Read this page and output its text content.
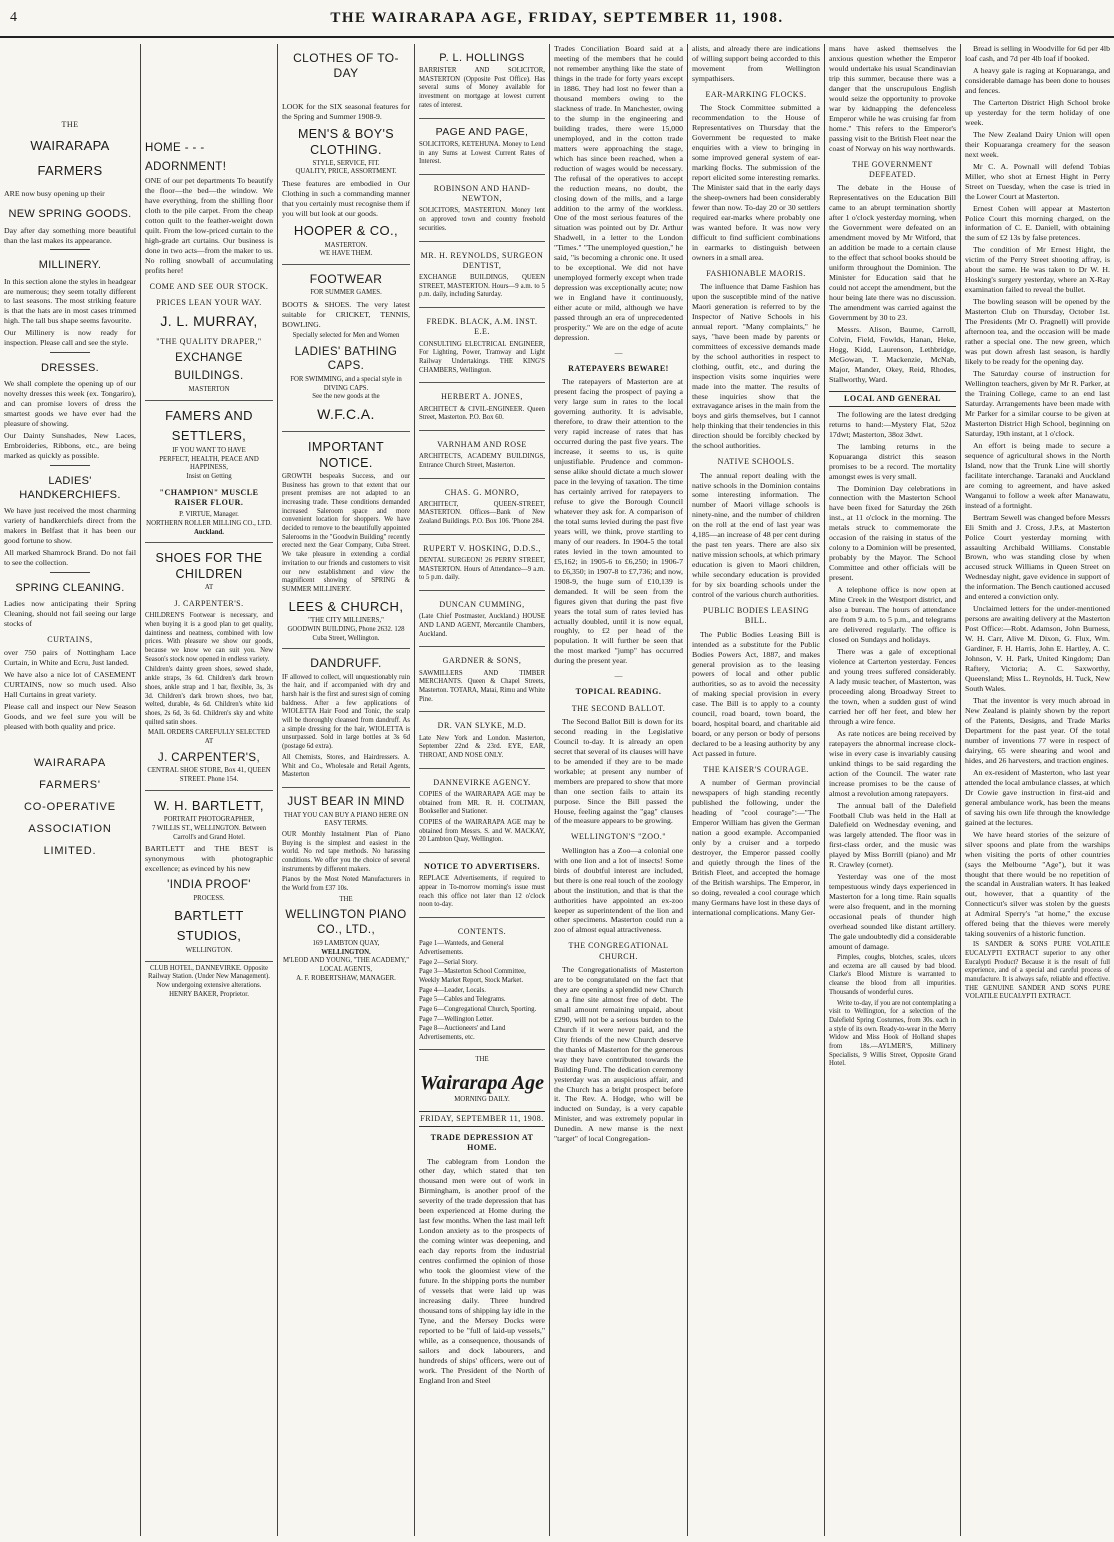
4	THE WAIRARAPA AGE, FRIDAY, SEPTEMBER 11, 1908.
THE
WAIRARAPA
FARMERS
ARE now busy opening up their
NEW SPRING GOODS.
Day after day something more beautiful than the last makes its appearance.
MILLINERY.
In this section alone the styles in headgear are numerous; they seem totally different to last seasons. The most striking feature is that the hats are in most cases trimmed high. The tall bus shape seems favourite.
Our Millinery is now ready for inspection. Please call and see the style.
DRESSES.
We shall complete the opening up of our novelty dresses this week (ex. Tongariro), and can promise lovers of dress the smartest goods we have ever had the pleasure of showing.
Our Dainty Sunshades, New Laces, Embroideries, Ribbons, etc., are being marked as quickly as possible.
LADIES' HANDKERCHIEFS.
We have just received the most charming variety of handkerchiefs direct from the makers in Belfast that it has been our good fortune to show.
All marked Shamrock Brand. Do not fail to see the collection.
SPRING CLEANING.
Ladies now anticipating their Spring Cleaning, should not fail seeing our large stocks of
CURTAINS,
over 750 pairs of Nottingham Lace Curtain, in White and Ecru, Just landed.
We have also a nice lot of CASEMENT CURTAINS, now so much used. Also Hall Curtains in great variety.
Please call and inspect our New Season Goods, and we feel sure you will be pleased with both quality and price.
WAIRARAPA
FARMERS'
CO-OPERATIVE
ASSOCIATION
LIMITED.
HOME - - -
ADORNMENT!
ONE of our pet departments To beautify the floor—the bed—the window. We have everything, from the shilling floor cloth to the pile carpet. From the cheap cotton quilt to the feather-weight down quilt. From the low-priced curtain to the high-grade art curtains. Our business is done in two acts—from the maker to us. No rolling snowball of accumulating profits here!
COME AND SEE OUR STOCK.
PRICES LEAN YOUR WAY.
J. L. MURRAY,
"THE QUALITY DRAPER,"
EXCHANGE
BUILDINGS.
MASTERTON
FAMERS AND
SETTLERS,
IF YOU WANT TO HAVE
PERFECT, HEALTH, PEACE AND HAPPINESS,
Insist on Getting
"CHAMPION" MUSCLE RAISER FLOUR.
P. VIRTUE, Manager.
NORTHERN ROLLER MILLING CO., LTD.
Auckland.
SHOES FOR THE CHILDREN
AT
J. CARPENTER'S.
CHILDREN'S Footwear is necessary, and when buying it is a good plan to get quality, daintiness and neatness, combined with low prices. With pleasure we show our goods, because we know we can suit you. New Season's stock now opened in endless variety.
Children's dainty green shoes, sewed shade, ankle straps, 3s 6d. Children's dark brown shoes, ankle strap and 1 bar, flexible, 3s, 3s 3d. Children's dark brown shoes, two bar, welted, durable, 4s 6d. Children's white kid shoes, 2s 6d, 3s 6d. Children's sky and white quilted satin shoes.
MAIL ORDERS CAREFULLY SELECTED AT
J. CARPENTER'S,
CENTRAL SHOE STORE, Box 41, QUEEN STREET. Phone 154.
W. H. BARTLETT,
PORTRAIT PHOTOGRAPHER,
7 WILLIS ST., WELLINGTON. Between Carroll's and Grand Hotel.
BARTLETT and THE BEST is synonymous with photographic excellence; as evinced by his new
'INDIA PROOF'
PROCESS.
BARTLETT
STUDIOS,
WELLINGTON.
CLUB HOTEL, DANNEVIRKE. Opposite Railway Station. (Under New Management).
Now undergoing extensive alterations.
HENRY BAKER, Proprietor.
CLOTHES OF TO-DAY
LOOK for the SIX seasonal features for the Spring and Summer 1908-9.
MEN'S & BOY'S CLOTHING.
STYLE, SERVICE, FIT.
QUALITY, PRICE, ASSORTMENT.
These features are embodied in Our Clothing in such a commanding manner that you certainly must recognise them if you will but look at our goods.
HOOPER & CO.,
MASTERTON.
WE HAVE THEM.
FOOTWEAR
FOR SUMMER GAMES.
BOOTS & SHOES. The very latest suitable for CRICKET, TENNIS, BOWLING.
Specially selected for Men and Women
LADIES' BATHING CAPS.
FOR SWIMMING, and a special style in DIVING CAPS.
See the new goods at the
W.F.C.A.
IMPORTANT NOTICE.
GROWTH bespeaks Success, and our Business has grown to that extent that our present premises are not adapted to an increasing trade. These conditions demanded increased Saleroom space and more convenient location for shoppers. We have decided to remove to the beautifully appointed Salerooms in the "Goodwin Building" recently erected next the Gear Company, Cuba Street. We take pleasure in extending a cordial invitation to our friends and customers to visit our new establishment and view the magnificent showing of SPRING & SUMMER MILLINERY.
LEES & CHURCH,
"THE CITY MILLINERS,"
GOODWIN BUILDING, Phone 2632. 128 Cuba Street, Wellington.
DANDRUFF.
IF allowed to collect, will unquestionably ruin the hair, and if accompanied with dry and harsh hair is the first and surest sign of coming baldness. After a few applications of WIOLETTA Hair Food and Tonic, the scalp will be thoroughly cleansed from dandruff. As a simple dressing for the hair, WIOLETTA is unsurpassed. Sold in large bottles at 3s 6d (postage 6d extra).
All Chemists, Stores, and Hairdressers. A. Whit and Co., Wholesale and Retail Agents, Masterton
JUST BEAR IN MIND
THAT YOU CAN BUY A PIANO HERE ON EASY TERMS.
OUR Monthly Instalment Plan of Piano Buying is the simplest and easiest in the world. No red tape methods. No harassing conditions. We offer you the choice of several instruments by different makers.
Pianos by the Most Noted Manufacturers in the World from £37 10s.
THE
WELLINGTON PIANO CO., LTD.,
169 LAMBTON QUAY,
WELLINGTON.
M'LEOD AND YOUNG, "THE ACADEMY,"
LOCAL AGENTS,
A. F. ROBERTSHAW, MANAGER.
P. L. HOLLINGS
BARRISTER AND SOLICITOR, MASTERTON (Opposite Post Office). Has several sums of Money available for investment on mortgage at lowest current rates of interest.
PAGE AND PAGE,
SOLICITORS, KETEHUNA. Money to Lend in any Sums at Lowest Current Rates of Interest.
ROBINSON AND HAND-NEWTON,
SOLICITORS, MASTERTON. Money lent on approved town and country freehold securities.
MR. H. REYNOLDS, SURGEON DENTIST,
EXCHANGE BUILDINGS, QUEEN STREET, MASTERTON. Hours—9 a.m. to 5 p.m. daily, including Saturday.
FREDK. BLACK, A.M. INST. E.E.
CONSULTING ELECTRICAL ENGINEER, For Lighting, Power, Tramway and Light Railway Undertakings. THE KING'S CHAMBERS, Wellington.
HERBERT A. JONES,
ARCHITECT & CIVIL-ENGINEER. Queen Street, Masterton. P.O. Box 60.
VARNHAM AND ROSE
ARCHITECTS, ACADEMY BUILDINGS, Entrance Church Street, Masterton.
CHAS. G. MONRO,
ARCHITECT, QUEEN-STREET, MASTERTON. Offices—Bank of New Zealand Buildings. P.O. Box 106. 'Phone 284.
RUPERT V. HOSKING, D.D.S.,
DENTAL SURGEON! 26 PERRY STREET, MASTERTON. Hours of Attendance—9 a.m. to 5 p.m. daily.
DUNCAN CUMMING,
(Late Chief Postmaster, Auckland.) HOUSE AND LAND AGENT, Mercantile Chambers, Auckland.
GARDNER & SONS,
SAWMILLERS AND TIMBER MERCHANTS. Queen & Chapel Streets, Masterton. TOTARA, Matai, Rimu and White Pine.
DR. VAN SLYKE, M.D.
Late New York and London. Masterton, September 22nd & 23rd. EYE, EAR, THROAT, AND NOSE ONLY.
DANNEVIRKE AGENCY.
COPIES of the WAIRARAPA AGE may be obtained from MR. R. H. COLTMAN, Bookseller and Stationer.
COPIES of the WAIRARAPA AGE may be obtained from Messrs. S. and W. MACKAY, 20 Lambton Quay, Wellington.
NOTICE TO ADVERTISERS.
REPLACE Advertisements, if required to appear in To-morrow morning's issue must reach this office not later than 12 o'clock noon to-day.
CONTENTS.
Page 1—Wanteds, and General Advertisements.
Page 2—Serial Story.
Page 3—Masterton School Committee, Weekly Market Report, Stock Market.
Page 4—Leader, Locals.
Page 5—Cables and Telegrams.
Page 6—Congregational Church, Sporting.
Page 7—Wellington Letter.
Page 8—Auctioneers' and Land Advertisements, etc.
THE
Wairarapa Age
MORNING DAILY.
FRIDAY, SEPTEMBER 11, 1908.
TRADE DEPRESSION AT HOME.
The cablegram from London the other day, which stated that ten thousand men were out of work in Birmingham, is another proof of the severity of the trade depression that has been experienced at Home during the last few months. When the last mail left London anxiety as to the prospects of the coming winter was deepening, and each day reports from the industrial centres confirmed the opinion of those who took the gloomiest view of the future. In the shipping ports the number of vessels that were laid up was increasing daily. Three hundred thousand tons of shipping lay idle in the Tyne, and the Mersey Docks were reported to be "full of laid-up vessels," while, as a consequence, thousands of sailors and dock labourers, and hundreds of ships' officers, were out of work. The President of the North of England Iron and Steel
Trades Conciliation Board said at a meeting of the members that he could not remember anything like the state of things in the trade for forty years except in 1886. They had lost no fewer than a thousand members owing to the slackness of trade. In Manchester, owing to the slump in the engineering and building trades, there were 15,000 unemployed, and in the cotton trade matters were approaching the stage, which has since been reached, when a reduction of wages would be necessary. The refusal of the operatives to accept the reduction means, no doubt, the closing down of the mills, and a large addition to the army of the workless. One of the most serious features of the situation was pointed out by Dr. Arthur Shadwell, in a letter to the London "Times." "The unemployed question," he said, "is becoming a chronic one. It used to be exceptional. We did not have unemployed formerly except when trade depression was exceptionally acute; now we in England have it continuously, either acute or mild, although we have passed through an era of unprecedented prosperity." We are on the edge of acute depression.
—
RATEPAYERS BEWARE!
The ratepayers of Masterton are at present facing the prospect of paying a very large sum in rates to the local governing authority. It is advisable, therefore, to draw their attention to the very rapid increase of rates that has occurred during the past five years. The increase, it seems to us, is quite unjustifiable. Prudence and common-sense alike should dictate a much slower pace in the levying of taxation. The time has certainly arrived for ratepayers to refuse to give the Borough Council whatever they ask for. A comparison of the total sums levied during the past five years will, we think, prove startling to many of our readers. In 1904-5 the total rates levied in the town amounted to £5,162; in 1905-6 to £6,250; in 1906-7 to £6,350; in 1907-8 to £7,736; and now, 1908-9, the huge sum of £10,139 is demanded. It will be seen from the figures given that during the past five years the total sum of rates levied has actually doubled, until it is now equal, roughly, to £2 per head of the population. It will further be seen that the most marked "jump" has occurred during the present year.
—
TOPICAL READING.
THE SECOND BALLOT.
The Second Ballot Bill is down for its second reading in the Legislative Council to-day. It is already an open secret that several of its clauses will have to be amended if they are to be made workable; at present any number of members are prepared to show that more than one section fails to attain its purpose. Since the Bill passed the House, feeling against the "gag" clauses of the measure appears to be growing.
WELLINGTON'S "ZOO."
Wellington has a Zoo—a colonial one with one lion and a lot of insects! Some birds of doubtful interest are included, but there is one real touch of the zoology about the institution, and that is that the authorities have appointed an ex-zoo keeper as superintendent of the lion and other specimens. Masterton could run a zoo of almost equal attractiveness.
THE CONGREGATIONAL CHURCH.
The Congregationalists of Masterton are to be congratulated on the fact that they are opening a splendid new Church on a fine site almost free of debt. The small amount remaining unpaid, about £290, will not be a serious burden to the Church if it were never paid, and the City friends of the new Church deserve the thanks of Masterton for the generous way they have contributed towards the Building Fund. The dedication ceremony yesterday was an auspicious affair, and the Church has a bright prospect before it. The Rev. A. Hodge, who will be inducted on Sunday, is a very capable Minister, and was extremely popular in Dunedin. A new manse is the next "target" of local Congregation-
alists, and already there are indications of willing support being accorded to this movement from Wellington sympathisers.
EAR-MARKING FLOCKS.
The Stock Committee submitted a recommendation to the House of Representatives on Thursday that the Government be requested to make enquiries with a view to bringing in some improved general system of ear-marking flocks. The submission of the report elicited some interesting remarks. The Minister said that in the early days the sheep-owners had been considerably fewer than now. To-day 20 or 30 settlers required ear-marks where probably one was wanted before. It was now very difficult to find sufficient combinations in earmarks to distinguish between owners in a small area.
FASHIONABLE MAORIS.
The influence that Dame Fashion has upon the susceptible mind of the native Maori generation is referred to by the Inspector of Native Schools in his annual report. "Many complaints," he says, "have been made by parents or committees of excessive demands made by the school authorities in respect to clothing, outfit, etc., and during the inspection visits some inquiries were made into the matter. The results of these inquiries show that the extravagance arises in the main from the boys and girls themselves, but I cannot help thinking that their tendencies in this direction should be forcibly checked by the school authorities.
NATIVE SCHOOLS.
The annual report dealing with the native schools in the Dominion contains some interesting information. The number of Maori village schools is ninety-nine, and the number of children on the roll at the end of last year was 4,185—an increase of 48 per cent during the past ten years. There are also six native mission schools, at which primary education is given to Maori children, while secondary education is provided for by six boarding schools under the control of the various church authorities.
PUBLIC BODIES LEASING BILL.
The Public Bodies Leasing Bill is intended as a substitute for the Public Bodies Powers Act, 1887, and makes general provision as to the leasing powers of local and other public authorities, so as to avoid the necessity of making special provision in every case. The Bill is to apply to a county council, road board, town board, the board, hospital board, and charitable aid board, or any person or body of persons declared to be a leasing authority by any Act passed in future.
THE KAISER'S COURAGE.
A number of German provincial newspapers of high standing recently published the following, under the heading of "cool courage":—"The Emperor William has given the German nation a good example. Accompanied only by a cruiser and a torpedo destroyer, the Emperor passed coolly and quietly through the lines of the British Fleet, and accepted the homage of the British warships. The Emperor, in so doing, revealed a cool courage which many Germans have lost in these days of international complications. Many Ger-
mans have asked themselves the anxious question whether the Emperor would undertake his usual Scandinavian trip this summer, because there was a danger that the unscrupulous English would seize the opportunity to provoke war by kidnapping the defenceless Emperor while he was cruising far from home." This refers to the Emperor's passing visit to the British Fleet near the coast of Norway on his way northwards.
THE GOVERNMENT DEFEATED.
The debate in the House of Representatives on the Education Bill came to an abrupt termination shortly after 1 o'clock yesterday morning, when the Government were defeated on an amendment moved by Mr Witford, that an addition be made to a certain clause to the effect that school books should be uniform throughout the Dominion. The Minister for Education said that he could not accept the amendment, but the hour being late there was no discussion. The amendment was carried against the Government by 30 to 23.
Messrs. Alison, Baume, Carroll, Colvin, Field, Fowlds, Hanan, Heke, Hogg, Kidd, Laurenson, Lethbridge, McGowan, T. Mackenzie, McNab, Major, Mander, Okey, Reid, Rhodes, Stallworthy, Ward.
LOCAL AND GENERAL
The following are the latest dredging returns to hand:—Mystery Flat, 52oz 17dwt; Masterton, 38oz 3dwt.
The lambing returns in the Kopuaranga district this season promises to be a record. The mortality amongst ewes is very small.
The Dominion Day celebrations in connection with the Masterton School have been fixed for Saturday the 26th inst., at 11 o'clock in the morning. The metals struck to commemorate the occasion of the raising in status of the colony to a Dominion will be presented, probably by the Mayor. The School Committee and other officials will be present.
A telephone office is now open at Mine Creek in the Westport district, and also a bureau. The hours of attendance are from 9 a.m. to 5 p.m., and telegrams are delivered regularly. The office is closed on Sundays and holidays.
There was a gale of exceptional violence at Carterton yesterday. Fences and young trees suffered considerably. A lady music teacher, of Masterton, was proceeding along Broadway Street to the town, when a sudden gust of wind carried her off her feet, and blew her through a wire fence.
As rate notices are being received by ratepayers the abnormal increase clock-wise in every case is invariably causing unkind things to be said regarding the action of the Council. The water rate increase promises to be the cause of almost a revolution among ratepayers.
The annual ball of the Dalefield Football Club was held in the Hall at Dalefield on Wednesday evening, and was largely attended. The floor was in first-class order, and the music was played by Miss Borrill (piano) and Mr R. Crawley (cornet).
Yesterday was one of the most tempestuous windy days experienced in Masterton for a long time. Rain squalls were also frequent, and in the morning occasional peals of thunder high overhead sounded like distant artillery. The gale undoubtedly did a considerable amount of damage.
Pimples, coughs, blotches, scales, ulcers and eczema are all caused by bad blood. Clarke's Blood Mixture is warranted to cleanse the blood from all impurities. Thousands of wonderful cures.
Write to-day, if you are not contemplating a visit to Wellington, for a selection of the Dalefield Spring Costumes, from 30s. each in a style of its own. Ready-to-wear in the Merry Widow and Miss Hook of Holland shapes from 18s.—AYLMER'S, Millinery Specialists, 9 Willis Street, Opposite Grand Hotel.
Bread is selling in Woodville for 6d per 4lb loaf cash, and 7d per 4lb loaf if booked.
A heavy gale is raging at Kopuaranga, and considerable damage has been done to houses and fences.
The Carterton District High School broke up yesterday for the term holiday of one week.
The New Zealand Dairy Union will open their Kopuaranga creamery for the season next week.
Mr C. A. Pownall will defend Tobias Miller, who shot at Ernest Hight in Perry Street on Tuesday, when the case is tried in the Lower Court at Masterton.
Ernest Cohen will appear at Masterton Police Court this morning charged, on the information of C. E. Daniell, with obtaining the sum of £2 13s by false pretences.
The condition of Mr Ernest Hight, the victim of the Perry Street shooting affray, is about the same. He was taken to Dr W. H. Hosking's surgery yesterday, where an X-Ray examination failed to reveal the bullet.
The bowling season will be opened by the Masterton Club on Thursday, October 1st. The Presidents (Mr O. Pragnell) will provide afternoon tea, and the occasion will be made rather a special one. The new green, which was put down afresh last season, is hardly likely to be ready for the opening day.
The Saturday course of instruction for Wellington teachers, given by Mr R. Parker, at the Training College, came to an end last Saturday. Arrangements have been made with Mr Parker for a similar course to be given at Masterton District High School, beginning on Saturday, 19th instant, at 1 o'clock.
An effort is being made to secure a sequence of agricultural shows in the North Island, now that the Trunk Line will shortly facilitate interchange. Taranaki and Auckland are coming to agreement, and have asked Wanganui to follow a week after Manawatu, instead of a fortnight.
Bertram Sewell was changed before Messrs Eli Smith and J. Cross, J.P.s, at Masterton Police Court yesterday morning with assaulting Archibald Williams. Constable Brown, who was standing close by when accused struck Williams in Queen Street on Wednesday night, gave evidence in support of the information. The Bench cautioned accused and entered a conviction only.
Unclaimed letters for the under-mentioned persons are awaiting delivery at the Masterton Post Office:—Robt. Adamson, John Burness, W. H. Carr, Alive M. Dixon, G. Flux, Wm. Gardiner, F. H. Harris, John E. Hartley, A. C. Johnson, V. H. Park, United Kingdom; Dan Raftery, Victoria; A. C. Saxworthy, Queensland; Miss L. Reynolds, H. Tuck, New South Wales.
That the inventor is very much abroad in New Zealand is plainly shown by the report of the Patents, Designs, and Trade Marks Department for the past year. Of the total number of inventions 77 were in respect of dairying, 65 were shearing and wool and hides, and 26 harvesters, and traction engines.
An ex-resident of Masterton, who last year attended the local ambulance classes, at which Dr Cowie gave instruction in first-aid and general ambulance work, has been the means of saving his own life through the knowledge gained at the lectures.
We have heard stories of the seizure of silver spoons and plate from the warships when visiting the ports of other countries (says the Melbourne "Age"), but it was thought that there would be no repetition of the scandal in Australian waters. It has leaked out, however, that a quantity of the Connecticut's silver was stolen by the guests at Admiral Sperry's "at home," the excuse offered being that the thieves were merely taking souvenirs of a historic function.
IS SANDER & SONS PURE VOLATILE EUCALYPTI EXTRACT superior to any other Eucalypti Product? Because it is the result of full experience, and of a special and careful process of manufacture. It is always safe, reliable and effective. THE GENUINE SANDER AND SONS PURE VOLATILE EUCALYPTI EXTRACT.
